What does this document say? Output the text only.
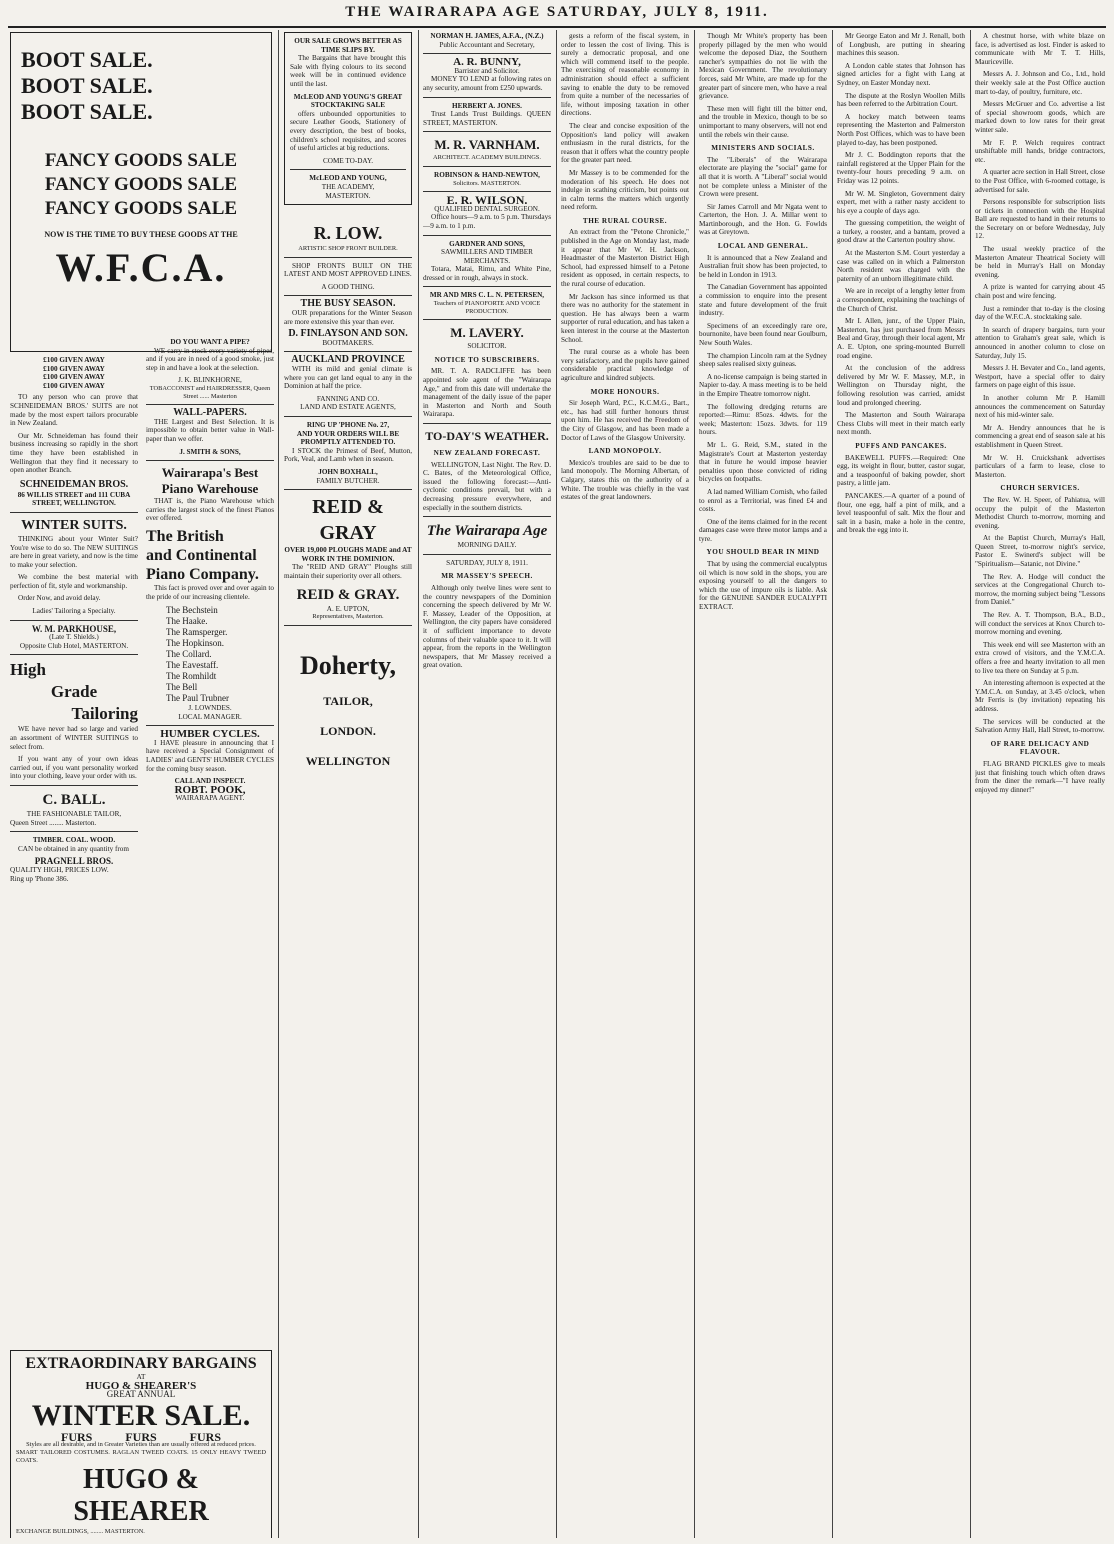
THE WAIRARAPA AGE SATURDAY, JULY 8, 1911.
BOOT SALE.
BOOT SALE.
BOOT SALE.
FANCY GOODS SALE
FANCY GOODS SALE
FANCY GOODS SALE
NOW IS THE TIME TO BUY THESE GOODS AT THE
W.F.C.A.
£100 GIVEN AWAY
£100 GIVEN AWAY
£100 GIVEN AWAY
£100 GIVEN AWAY

TO any person who can prove that SCHNEIDEMAN BROS.' SUITS are not made by the most expert tailors procurable in New Zealand.

Our Mr. Schneideman has found their business increasing so rapidly in the short time they have been established in Wellington that they find it necessary to open another Branch.

SCHNEIDEMAN BROS.
86 WILLIS STREET and 111 CUBA STREET, WELLINGTON.
WINTER SUITS.

THINKING about your Winter Suit? You're wise to do so. The NEW SUITINGS are here in great variety, and now is the time to make your selection.

We combine the best material with perfection of fit, style and workmanship.

Order Now, and avoid delay.

Ladies' Tailoring a Specialty.
W. M. PARKHOUSE,
(Late T. Shields.)
Opposite Club Hotel, MASTERTON.
High
Grade
Tailoring

WE have never had so large and varied an assortment of WINTER SUITINGS to select from.

If you want any of your own ideas carried out, if you want personality worked into your clothing, leave your order with us.

C. BALL.
THE FASHIONABLE TAILOR,
Queen Street ........ Masterton.
TIMBER. COAL. WOOD.

CAN be obtained in any quantity from

PRAGNELL BROS.
QUALITY HIGH, PRICES LOW.
Ring up 'Phone 386.
EXTRAORDINARY BARGAINS
AT
HUGO & SHEARER'S
GREAT ANNUAL
WINTER SALE.
FURS FURS FURS
Styles are all desirable, and in Greater Varieties than are usually offered at reduced prices.
SMART TAILORED COSTUMES. RAGLAN TWEED COATS. 15 ONLY HEAVY TWEED COATS.
HUGO & SHEARER
EXCHANGE BUILDINGS, ........ MASTERTON.
DO YOU WANT A PIPE?

WE carry in stock every variety of pipes, and if you are in need of a good smoke, just step in and have a look at the selection.

J. K. BLINKHORNE,
TOBACCONIST and HAIRDRESSER, Queen Street ...... Masterton
WALL-PAPERS.

THE Largest and Best Selection. It is impossible to obtain better value in Wall-paper than we offer.

J. SMITH & SONS,
Wairarapa's Best
Piano Warehouse

THAT is, the Piano Warehouse which carries the largest stock of the finest Pianos ever offered.

The British
and Continental
Piano Company.

This fact is proved over and over again to the pride of our increasing clientele.

The Bechstein
The Haake.
The Ramsperger.
The Hopkinson.
The Collard.
The Eavestaff.
The Romhildt
The Bell
The Paul Trubner
J. LOWNDES.
LOCAL MANAGER.
HUMBER CYCLES.

I HAVE pleasure in announcing that I have received a Special Consignment of LADIES' and GENTS' HUMBER CYCLES for the coming busy season.

CALL AND INSPECT.
ROBT. POOK,
WAIRARAPA AGENT.
OUR SALE GROWS BETTER AS TIME SLIPS BY.

The Bargains that have brought this Sale with flying colours to its second week will be in continued evidence until the last.

McLEOD AND YOUNG'S GREAT STOCKTAKING SALE

offers unbounded opportunities to secure Leather Goods, Stationery of every description, the best of books, children's school requisites, and scores of useful articles at big reductions.

COME TO-DAY.
McLEOD AND YOUNG,
THE ACADEMY,
MASTERTON.
R. LOW.
ARTISTIC SHOP FRONT BUILDER.

SHOP FRONTS BUILT ON THE LATEST AND MOST APPROVED LINES.

A GOOD THING.
THE BUSY SEASON.

OUR preparations for the Winter Season are more extensive this year than ever.

D. FINLAYSON AND SON.
BOOTMAKERS.
AUCKLAND PROVINCE

WITH its mild and genial climate is where you can get land equal to any in the Dominion at half the price.

FANNING AND CO.
LAND AND ESTATE AGENTS,
RING UP 'PHONE No. 27,
AND YOUR ORDERS WILL BE PROMPTLY ATTENDED TO.

I STOCK the Primest of Beef, Mutton, Pork, Veal, and Lamb when in season.

JOHN BOXHALL,
FAMILY BUTCHER.
REID & GRAY
OVER 19,000 PLOUGHS MADE and AT WORK IN THE DOMINION.

The "REID AND GRAY" Ploughs still maintain their superiority over all others.

REID & GRAY.
A. E. UPTON,
Representatives, Masterton.
Doherty,
TAILOR,
LONDON.
WELLINGTON
NORMAN H. JAMES, A.F.A., (N.Z.)
Public Accountant and Secretary,
A. R. BUNNY,
Barrister and Solicitor.

MONEY TO LEND at following rates on any security, amount from £250 upwards.

HERBERT A. JONES.

Trust Lands Trust Buildings. QUEEN STREET, MASTERTON.

M. R. VARNHAM.
ARCHITECT. ACADEMY BUILDINGS.
ROBINSON & HAND-NEWTON,
Solicitors. MASTERTON.
E. R. WILSON.
QUALIFIED DENTAL SURGEON.

Office hours—9 a.m. to 5 p.m. Thursdays—9 a.m. to 1 p.m.

GARDNER AND SONS,
SAWMILLERS AND TIMBER MERCHANTS.

Totara, Matai, Rimu, and White Pine, dressed or in rough, always in stock.

MR AND MRS C. L. N. PETERSEN,
Teachers of PIANOFORTE AND VOICE PRODUCTION.
M. LAVERY.
SOLICITOR.
NOTICE TO SUBSCRIBERS.

MR. T. A. RADCLIFFE has been appointed sole agent of the "Wairarapa Age," and from this date will undertake the management of the daily issue of the paper in Masterton and North and South Wairarapa.

TO-DAY'S WEATHER.
NEW ZEALAND FORECAST.

WELLINGTON, Last Night. The Rev. D. C. Bates, of the Meteorological Office, issued the following forecast:—Anti-cyclonic conditions prevail, but with a decreasing pressure everywhere, and especially in the southern districts.

The Wairarapa Age
MORNING DAILY.
SATURDAY, JULY 8, 1911.
MR MASSEY'S SPEECH.

Although only twelve lines were sent to the country newspapers of the Dominion concerning the speech delivered by Mr W. F. Massey, Leader of the Opposition, at Wellington, the city papers have considered it of sufficient importance to devote columns of their valuable space to it. It will appear, from the reports in the Wellington newspapers, that Mr Massey received a great ovation.

gests a reform of the fiscal system, in order to lessen the cost of living. This is surely a democratic proposal, and one which will commend itself to the people. The exercising of reasonable economy in administration should effect a sufficient saving to enable the duty to be removed from quite a number of the necessaries of life, without imposing taxation in other directions.

The clear and concise exposition of the Opposition's land policy will awaken enthusiasm in the rural districts, for the reason that it offers what the country people for the greater part need.

Mr Massey is to be commended for the moderation of his speech. He does not indulge in scathing criticism, but points out in calm terms the matters which urgently need reform.

THE RURAL COURSE.

An extract from the "Petone Chronicle," published in the Age on Monday last, made it appear that Mr W. H. Jackson, Headmaster of the Masterton District High School, had expressed himself to a Petone resident as opposed, in certain respects, to the rural course of education.

Mr Jackson has since informed us that there was no authority for the statement in question. He has always been a warm supporter of rural education, and has taken a keen interest in the course at the Masterton School.

The rural course as a whole has been very satisfactory, and the pupils have gained considerable practical knowledge of agriculture and kindred subjects.

MORE HONOURS.

Sir Joseph Ward, P.C., K.C.M.G., Bart., etc., has had still further honours thrust upon him. He has received the Freedom of the City of Glasgow, and has been made a Doctor of Laws of the Glasgow University.

LAND MONOPOLY.

Mexico's troubles are said to be due to land monopoly. The Morning Albertan, of Calgary, states this on the authority of a White. The trouble was chiefly in the vast estates of the great landowners.

Though Mr White's property has been properly pillaged by the men who would welcome the deposed Diaz, the Southern rancher's sympathies do not lie with the Mexican Government. The revolutionary forces, said Mr White, are made up for the greater part of sincere men, who have a real grievance.

These men will fight till the bitter end, and the trouble in Mexico, though to be so unimportant to many observers, will not end until the rebels win their cause.

MINISTERS AND SOCIALS.

The "Liberals" of the Wairarapa electorate are playing the "social" game for all that it is worth. A "Liberal" social would not be complete unless a Minister of the Crown were present.

Sir James Carroll and Mr Ngata went to Carterton, the Hon. J. A. Millar went to Martinborough, and the Hon. G. Fowlds was at Greytown.

LOCAL AND GENERAL.

It is announced that a New Zealand and Australian fruit show has been projected, to be held in London in 1913.

The Canadian Government has appointed a commission to enquire into the present state and future development of the fruit industry.

Specimens of an exceedingly rare ore, bournonite, have been found near Goulburn, New South Wales.

The champion Lincoln ram at the Sydney sheep sales realised sixty guineas.

A no-license campaign is being started in Napier to-day. A mass meeting is to be held in the Empire Theatre tomorrow night.

The following dredging returns are reported:—Rimu: 85ozs. 4dwts. for the week; Masterton: 15ozs. 3dwts. for 119 hours.

Mr L. G. Reid, S.M., stated in the Magistrate's Court at Masterton yesterday that in future he would impose heavier penalties upon those convicted of riding bicycles on footpaths.

A lad named William Cornish, who failed to enrol as a Territorial, was fined £4 and costs.

One of the items claimed for in the recent damages case were three motor lamps and a tyre.

YOU SHOULD BEAR IN MIND

That by using the commercial eucalyptus oil which is now sold in the shops, you are exposing yourself to all the dangers to which the use of impure oils is liable. Ask for the GENUINE SANDER EUCALYPTI EXTRACT.

Mr George Eaton and Mr J. Renall, both of Longbush, are putting in shearing machines this season.

A London cable states that Johnson has signed articles for a fight with Lang at Sydney, on Easter Monday next.

The dispute at the Roslyn Woollen Mills has been referred to the Arbitration Court.

A hockey match between teams representing the Masterton and Palmerston North Post Offices, which was to have been played to-day, has been postponed.

Mr J. C. Boddington reports that the rainfall registered at the Upper Plain for the twenty-four hours preceding 9 a.m. on Friday was 12 points.

Mr W. M. Singleton, Government dairy expert, met with a rather nasty accident to his eye a couple of days ago.

The guessing competition, the weight of a turkey, a rooster, and a bantam, proved a good draw at the Carterton poultry show.

At the Masterton S.M. Court yesterday a case was called on in which a Palmerston North resident was charged with the paternity of an unborn illegitimate child.

We are in receipt of a lengthy letter from a correspondent, explaining the teachings of the Church of Christ.

Mr I. Allen, junr., of the Upper Plain, Masterton, has just purchased from Messrs Beal and Gray, through their local agent, Mr A. E. Upton, one spring-mounted Burrell road engine.

At the conclusion of the address delivered by Mr W. F. Massey, M.P., in Wellington on Thursday night, the following resolution was carried, amidst loud and prolonged cheering.

The Masterton and South Wairarapa Chess Clubs will meet in their match early next month.

PUFFS AND PANCAKES.

BAKEWELL PUFFS.—Required: One egg, its weight in flour, butter, castor sugar, and a teaspoonful of baking powder, short pastry, a little jam.

PANCAKES.—A quarter of a pound of flour, one egg, half a pint of milk, and a level teaspoonful of salt. Mix the flour and salt in a basin, make a hole in the centre, and break the egg into it.

A chestnut horse, with white blaze on face, is advertised as lost. Finder is asked to communicate with Mr T. T. Hills, Mauriceville.

Messrs A. J. Johnson and Co., Ltd., hold their weekly sale at the Post Office auction mart to-day, of poultry, furniture, etc.

Messrs McGruer and Co. advertise a list of special showroom goods, which are marked down to low rates for their great winter sale.

Mr F. P. Welch requires contract unshiftable mill hands, bridge contractors, etc.

A quarter acre section in Hall Street, close to the Post Office, with 6-roomed cottage, is advertised for sale.

Persons responsible for subscription lists or tickets in connection with the Hospital Ball are requested to hand in their returns to the Secretary on or before Wednesday, July 12.

The usual weekly practice of the Masterton Amateur Theatrical Society will be held in Murray's Hall on Monday evening.

A prize is wanted for carrying about 45 chain post and wire fencing.

Just a reminder that to-day is the closing day of the W.F.C.A. stocktaking sale.

In search of drapery bargains, turn your attention to Graham's great sale, which is announced in another column to close on Saturday, July 15.

Messrs J. H. Bevater and Co., land agents, Westport, have a special offer to dairy farmers on page eight of this issue.

In another column Mr P. Hamill announces the commencement on Saturday next of his mid-winter sale.

Mr A. Hendry announces that he is commencing a great end of season sale at his establishment in Queen Street.

Mr W. H. Cruickshank advertises particulars of a farm to lease, close to Masterton.

CHURCH SERVICES.

The Rev. W. H. Speer, of Pahiatua, will occupy the pulpit of the Masterton Methodist Church to-morrow, morning and evening.

At the Baptist Church, Murray's Hall, Queen Street, to-morrow night's service, Pastor E. Swinerd's subject will be "Spiritualism—Satanic, not Divine."

The Rev. A. Hodge will conduct the services at the Congregational Church to-morrow, the morning subject being "Lessons from Daniel."

The Rev. A. T. Thompson, B.A., B.D., will conduct the services at Knox Church to-morrow morning and evening.

This week end will see Masterton with an extra crowd of visitors, and the Y.M.C.A. offers a free and hearty invitation to all men to live tea there on Sunday at 5 p.m.

An interesting afternoon is expected at the Y.M.C.A. on Sunday, at 3.45 o'clock, when Mr Ferris is (by invitation) repeating his address.

The services will be conducted at the Salvation Army Hall, Hall Street, to-morrow.

OF RARE DELICACY AND FLAVOUR.

FLAG BRAND PICKLES give to meals just that finishing touch which often draws from the diner the remark—"I have really enjoyed my dinner!"
